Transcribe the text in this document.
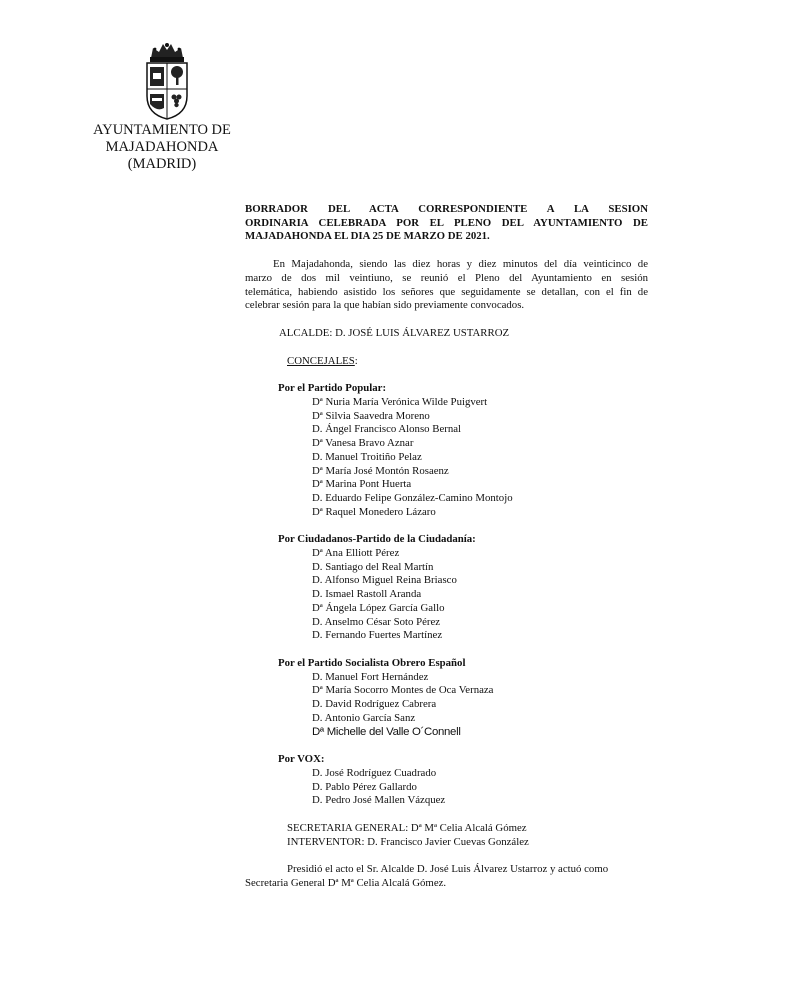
AYUNTAMIENTO DE
MAJADAHONDA
(MADRID)

BORRADOR DEL ACTA CORRESPONDIENTE A LA SESION

ORDINARIA CELEBRADA POR EL PLENO DEL AYUNTAMIENTO DE

MAJADAHONDA EL DIA 25 DE MARZO DE 2021.

En Majadahonda, siendo las diez horas y diez minutos del día veinticinco de

marzo de dos mil veintiuno, se reunió el Pleno del Ayuntamiento en sesión

telemática, habiendo asistido los señores que seguidamente se detallan, con el fin de

celebrar sesión para la que habían sido previamente convocados.

ALCALDE: D. JOSÉ LUIS ÁLVAREZ USTARROZ
CONCEJALES:
Por el Partido Popular:
Dª Nuria María Verónica Wilde Puigvert
Dª Silvia Saavedra Moreno
D. Ángel Francisco Alonso Bernal
Dª Vanesa Bravo Aznar
D. Manuel Troitiño Pelaz
Dª María José Montón Rosaenz
Dª Marina Pont Huerta
D. Eduardo Felipe González-Camino Montojo
Dª Raquel Monedero Lázaro
Por Ciudadanos-Partido de la Ciudadanía:
Dª Ana Elliott Pérez
D. Santiago del Real Martín
D. Alfonso Miguel Reina Briasco
D. Ismael Rastoll Aranda
Dª Ángela López García Gallo
D. Anselmo César Soto Pérez
D. Fernando Fuertes Martínez
Por el Partido Socialista Obrero Español
D. Manuel Fort Hernández
Dª María Socorro Montes de Oca Vernaza
D. David Rodríguez Cabrera
D. Antonio García Sanz
Dª Michelle del Valle O´Connell
Por VOX:
D. José Rodríguez Cuadrado
D. Pablo Pérez Gallardo
D. Pedro José Mallen Vázquez
SECRETARIA GENERAL: Dª Mª Celia Alcalá Gómez
INTERVENTOR: D. Francisco Javier Cuevas González

Presidió el acto el Sr. Alcalde D. José Luis Álvarez Ustarroz y actuó como

Secretaria General Dª Mª Celia Alcalá Gómez.
